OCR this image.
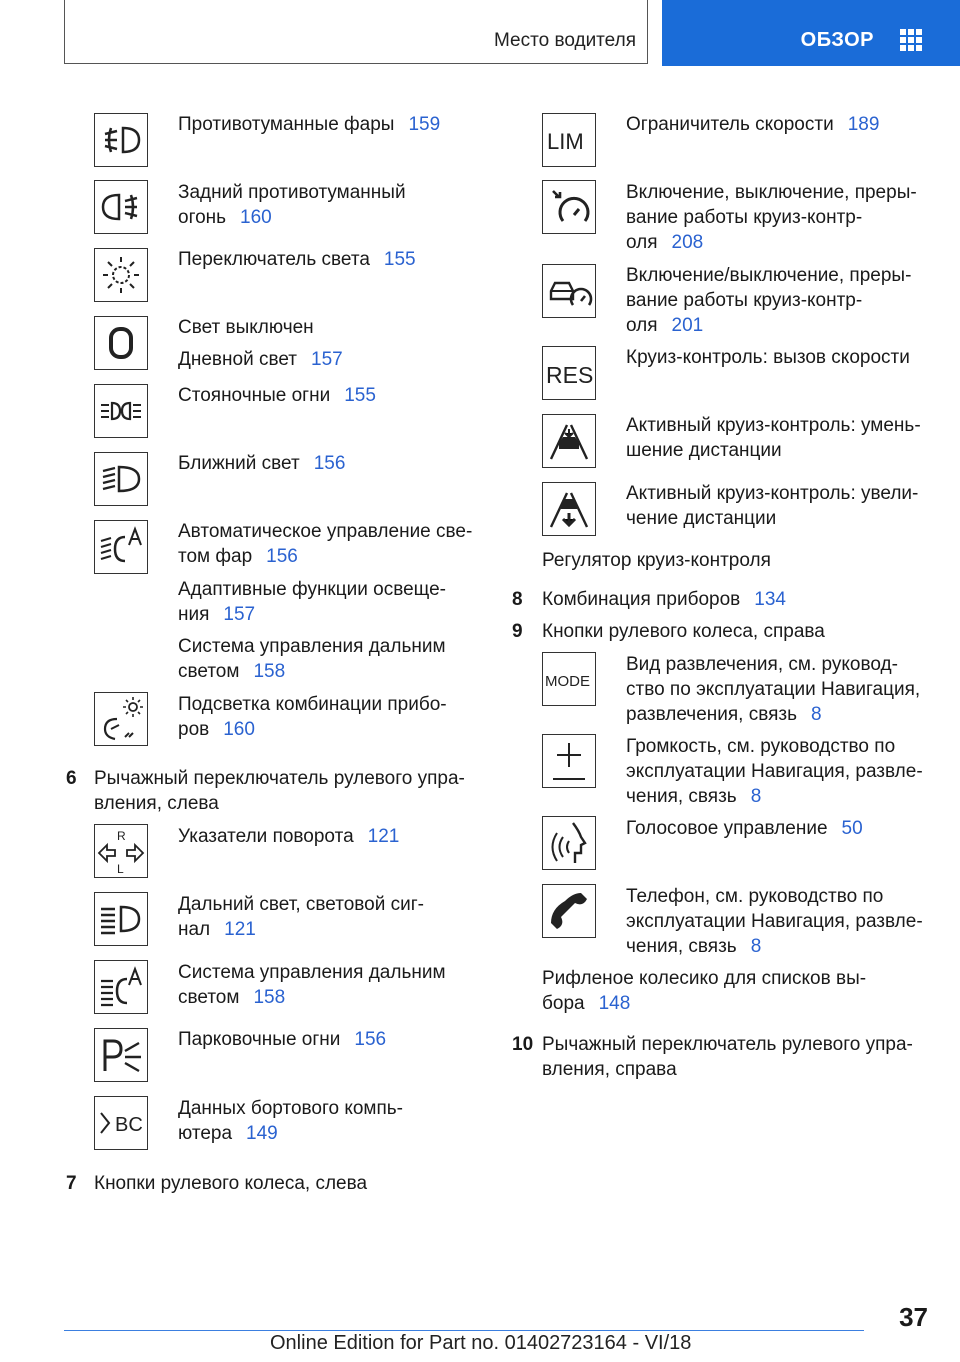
Место водителя	ОБЗОР
Противотуманные фары 159
Задний противотуманный
огонь 160
Переключатель света 155
Свет выключен
Дневной свет 157
Стояночные огни 155
Ближний свет 156
Автоматическое управление све-
том фар 156
Адаптивные функции освеще-
ния 157
Система управления дальним
светом 158
Подсветка комбинации прибо-
ров 160
6 Рычажный переключатель рулевого упра-
вления, слева
R
L
Указатели поворота 121
Дальний свет, световой сиг-
нал 121
Система управления дальним
светом 158
Парковочные огни 156
BC
Данных бортового компь-
ютера 149
7 Кнопки рулевого колеса, слева
LIM
Ограничитель скорости 189
Включение, выключение, преры-
вание работы круиз-контр-
оля 208
Включение/выключение, преры-
вание работы круиз-контр-
оля 201
RES
Круиз-контроль: вызов скорости
Активный круиз-контроль: умень-
шение дистанции
Активный круиз-контроль: увели-
чение дистанции
Регулятор круиз-контроля
8 Комбинация приборов 134
9 Кнопки рулевого колеса, справа
MODE
Вид развлечения, см. руковод-
ство по эксплуатации Навигация,
развлечения, связь 8
Громкость, см. руководство по
эксплуатации Навигация, развле-
чения, связь 8
Голосовое управление 50
Телефон, см. руководство по
эксплуатации Навигация, развле-
чения, связь 8
Рифленое колесико для списков вы-
бора 148
10 Рычажный переключатель рулевого упра-
вления, справа
37
Online Edition for Part no. 01402723164 - VI/18
